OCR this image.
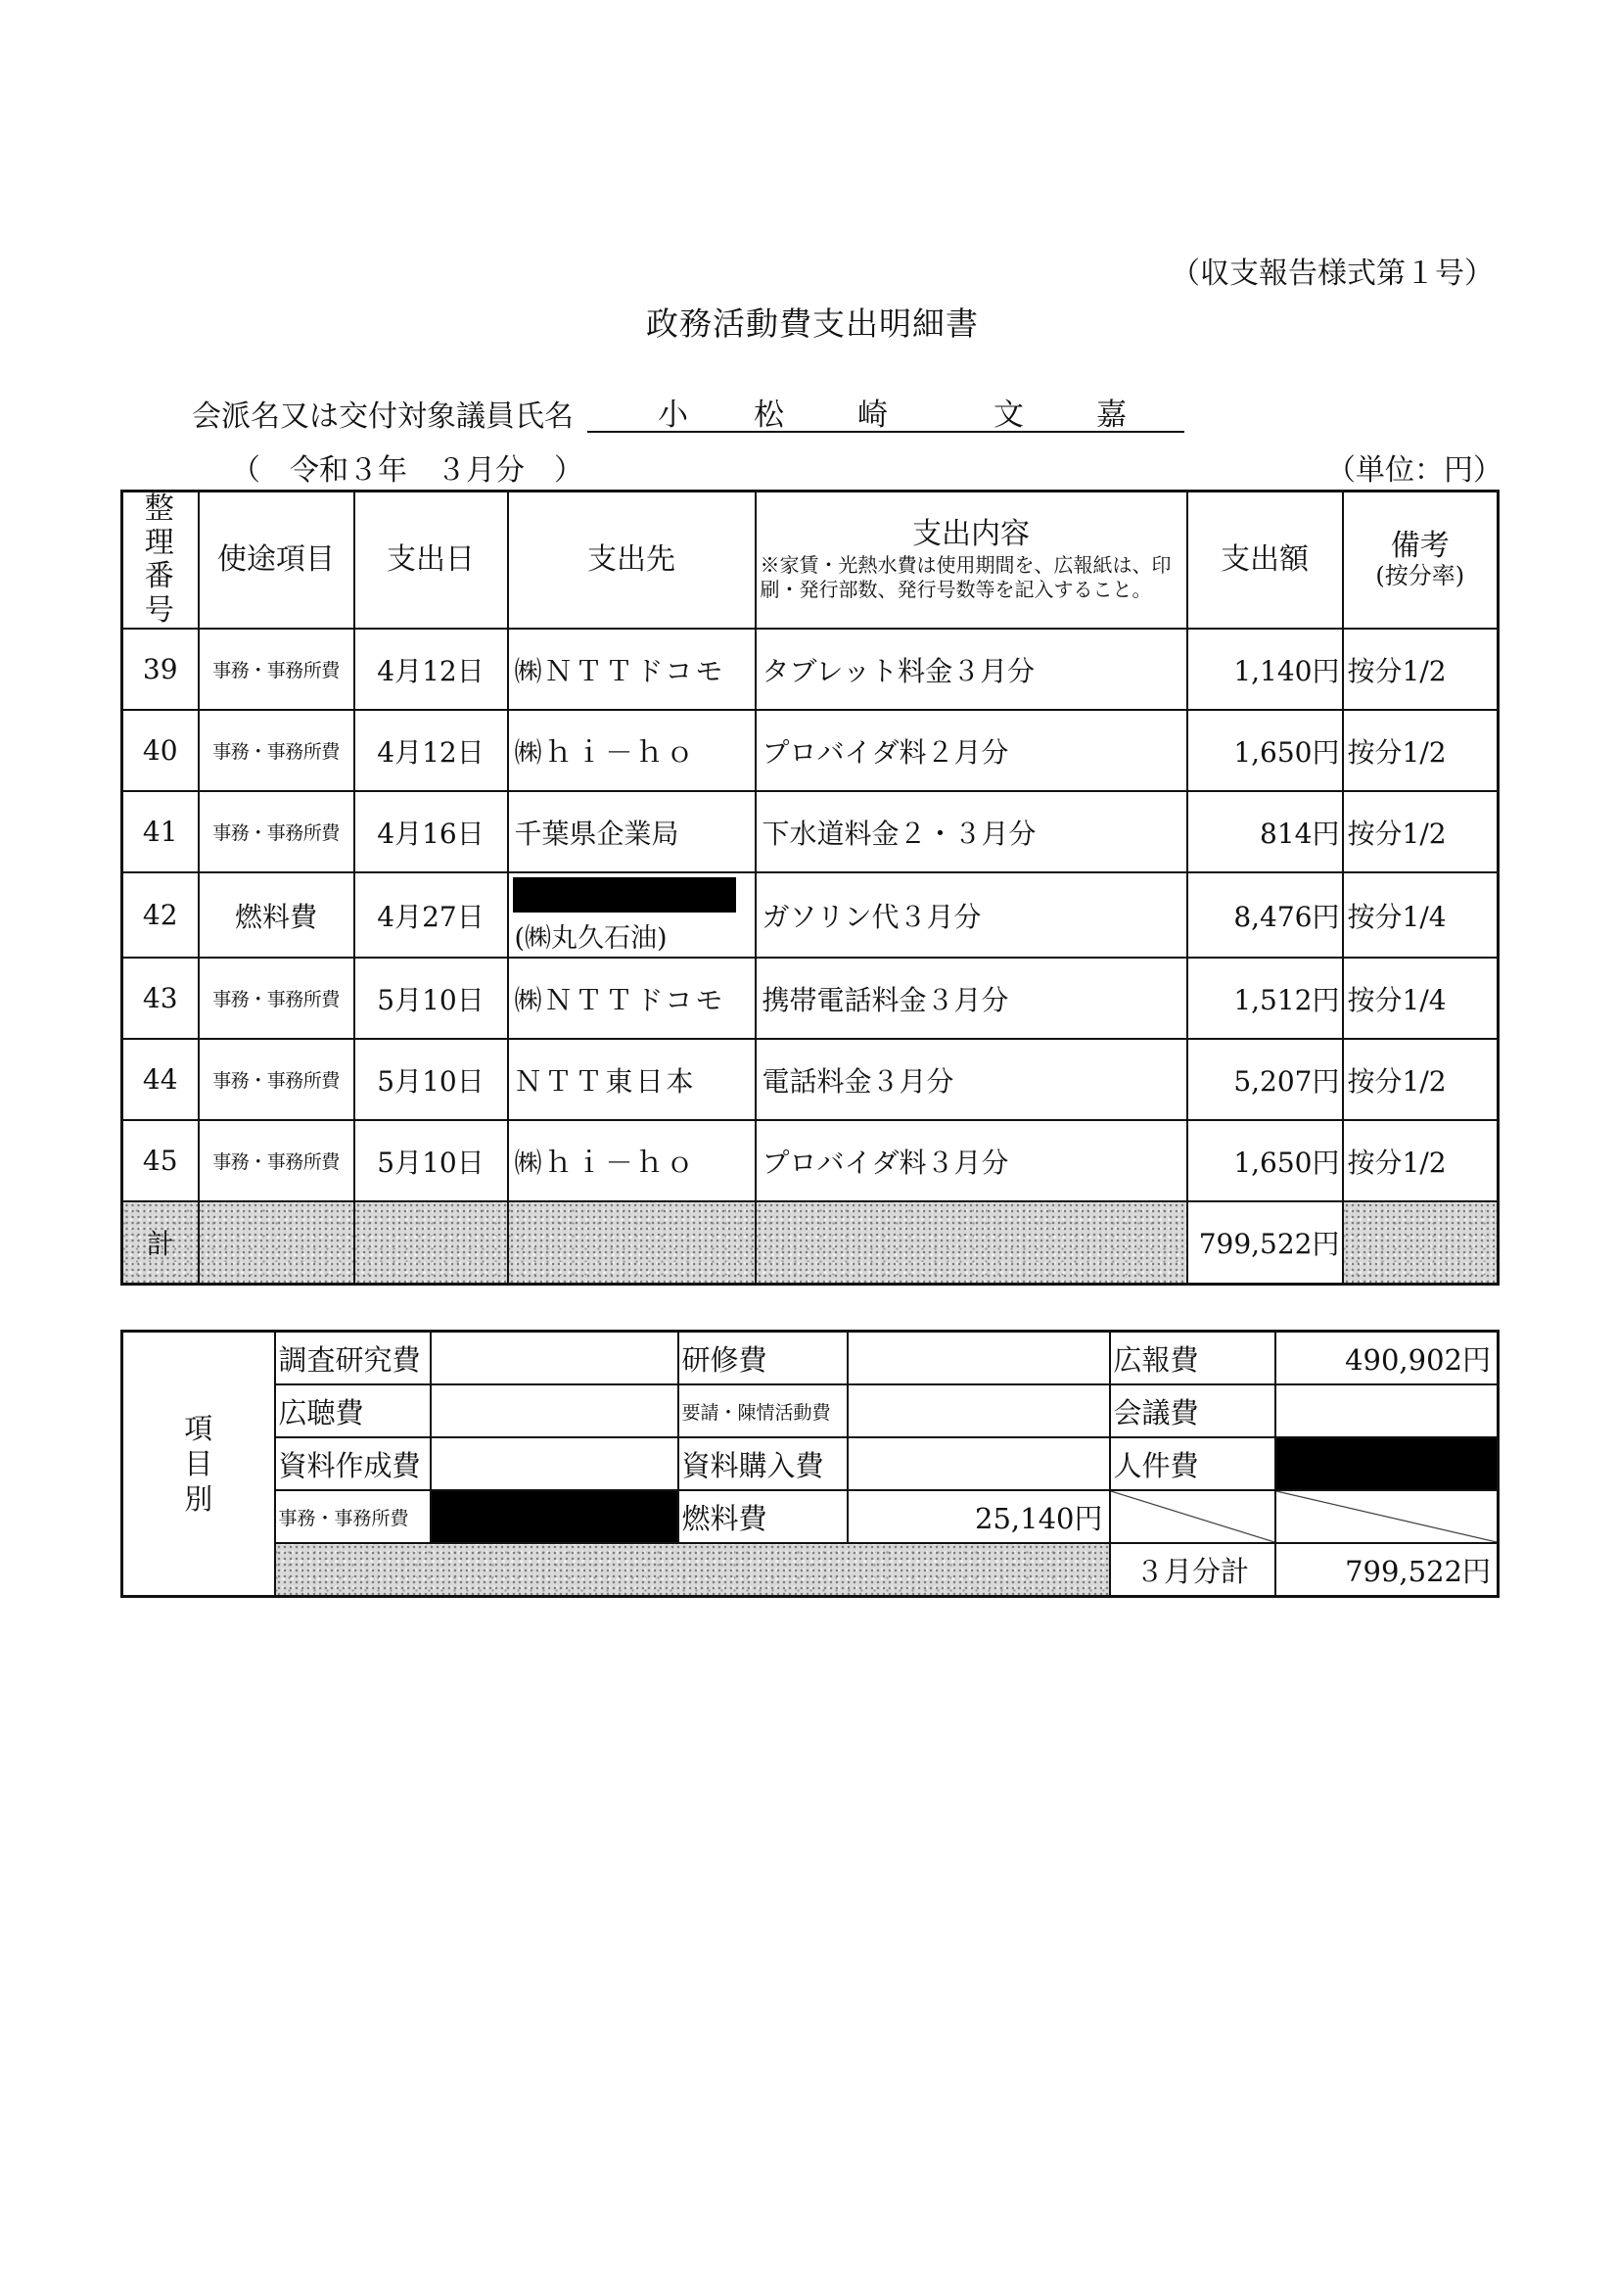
（収支報告様式第１号）
政務活動費支出明細書
会派名又は交付対象議員氏名	小 松 崎	文 嘉
（　令和３年　３月分　）	（単位：円）
整理番号	使途項目	支出日	支出先	支出内容
※家賃・光熱水費は使用期間を、広報紙は、印刷・発行部数、発行号数等を記入すること。	支出額	備考
(按分率)

39	事務・事務所費	4月12日	㈱ＮＴＴドコモ	タブレット料金３月分	1,140円	按分1/2
40	事務・事務所費	4月12日	㈱ｈｉ－ｈｏ	プロバイダ料２月分	1,650円	按分1/2
41	事務・事務所費	4月16日	千葉県企業局	下水道料金２・３月分	814円	按分1/2
42	燃料費	4月27日	(㈱丸久石油)	ガソリン代３月分	8,476円	按分1/4
43	事務・事務所費	5月10日	㈱ＮＴＴドコモ	携帯電話料金３月分	1,512円	按分1/4
44	事務・事務所費	5月10日	ＮＴＴ東日本	電話料金３月分	5,207円	按分1/2
45	事務・事務所費	5月10日	㈱ｈｉ－ｈｏ	プロバイダ料３月分	1,650円	按分1/2
計					799,522円	
項
目
別	調査研究費		研修費		広報費	490,902円
	広聴費		要請・陳情活動費		会議費	
	資料作成費		資料購入費		人件費	
	事務・事務所費		燃料費	25,140円		
					３月分計	799,522円
